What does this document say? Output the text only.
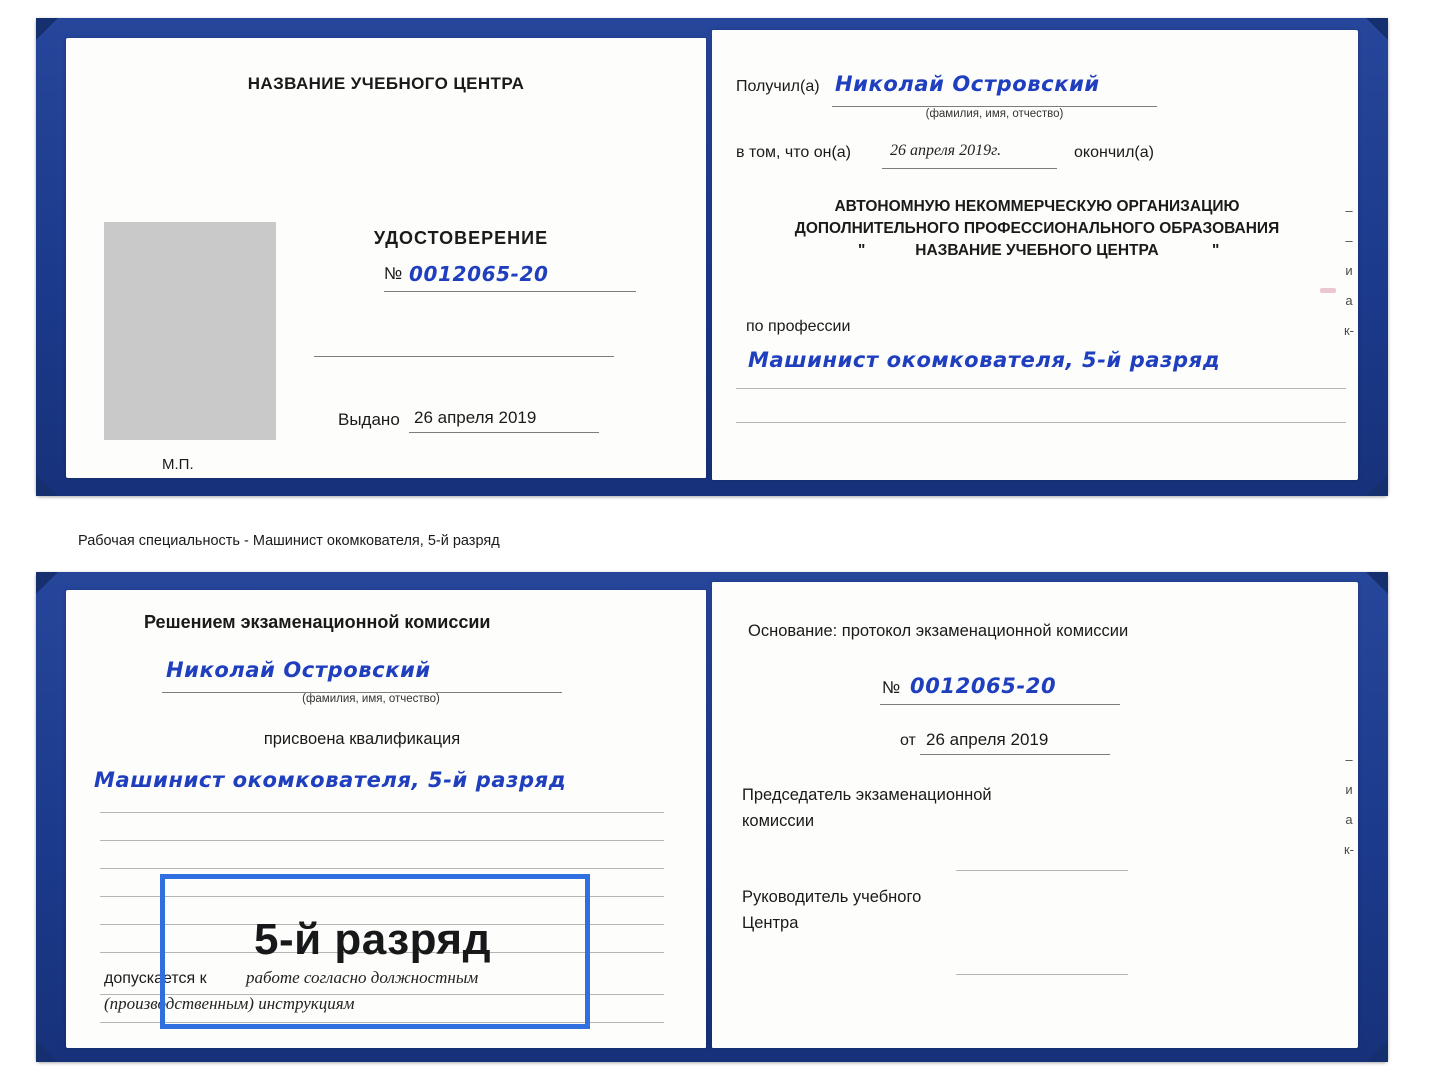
НАЗВАНИЕ УЧЕБНОГО ЦЕНТРА
УДОСТОВЕРЕНИЕ
№ 0012065-20
Выдано 26 апреля 2019
М.П.
Получил(а) Николай Островский
(фамилия, имя, отчество)
в том, что он(а) 26 апреля 2019г.	окончил(а)
АВТОНОМНУЮ НЕКОММЕРЧЕСКУЮ ОРГАНИЗАЦИЮ
ДОПОЛНИТЕЛЬНОГО ПРОФЕССИОНАЛЬНОГО ОБРАЗОВАНИЯ
"	НАЗВАНИЕ УЧЕБНОГО ЦЕНТРА	"
по профессии
Машинист окомкователя, 5-й разряд
–
–
и
а
к-
Рабочая специальность - Машинист окомкователя, 5-й разряд
Решением экзаменационной комиссии
Николай Островский
(фамилия, имя, отчество)
присвоена квалификация
Машинист окомкователя, 5-й разряд
допускается к работе согласно должностным
(производственным) инструкциям
5-й разряд
Основание: протокол экзаменационной комиссии
№ 0012065-20
от 26 апреля 2019
Председатель экзаменационной
комиссии
Руководитель учебного
Центра
–
и
а
к-
